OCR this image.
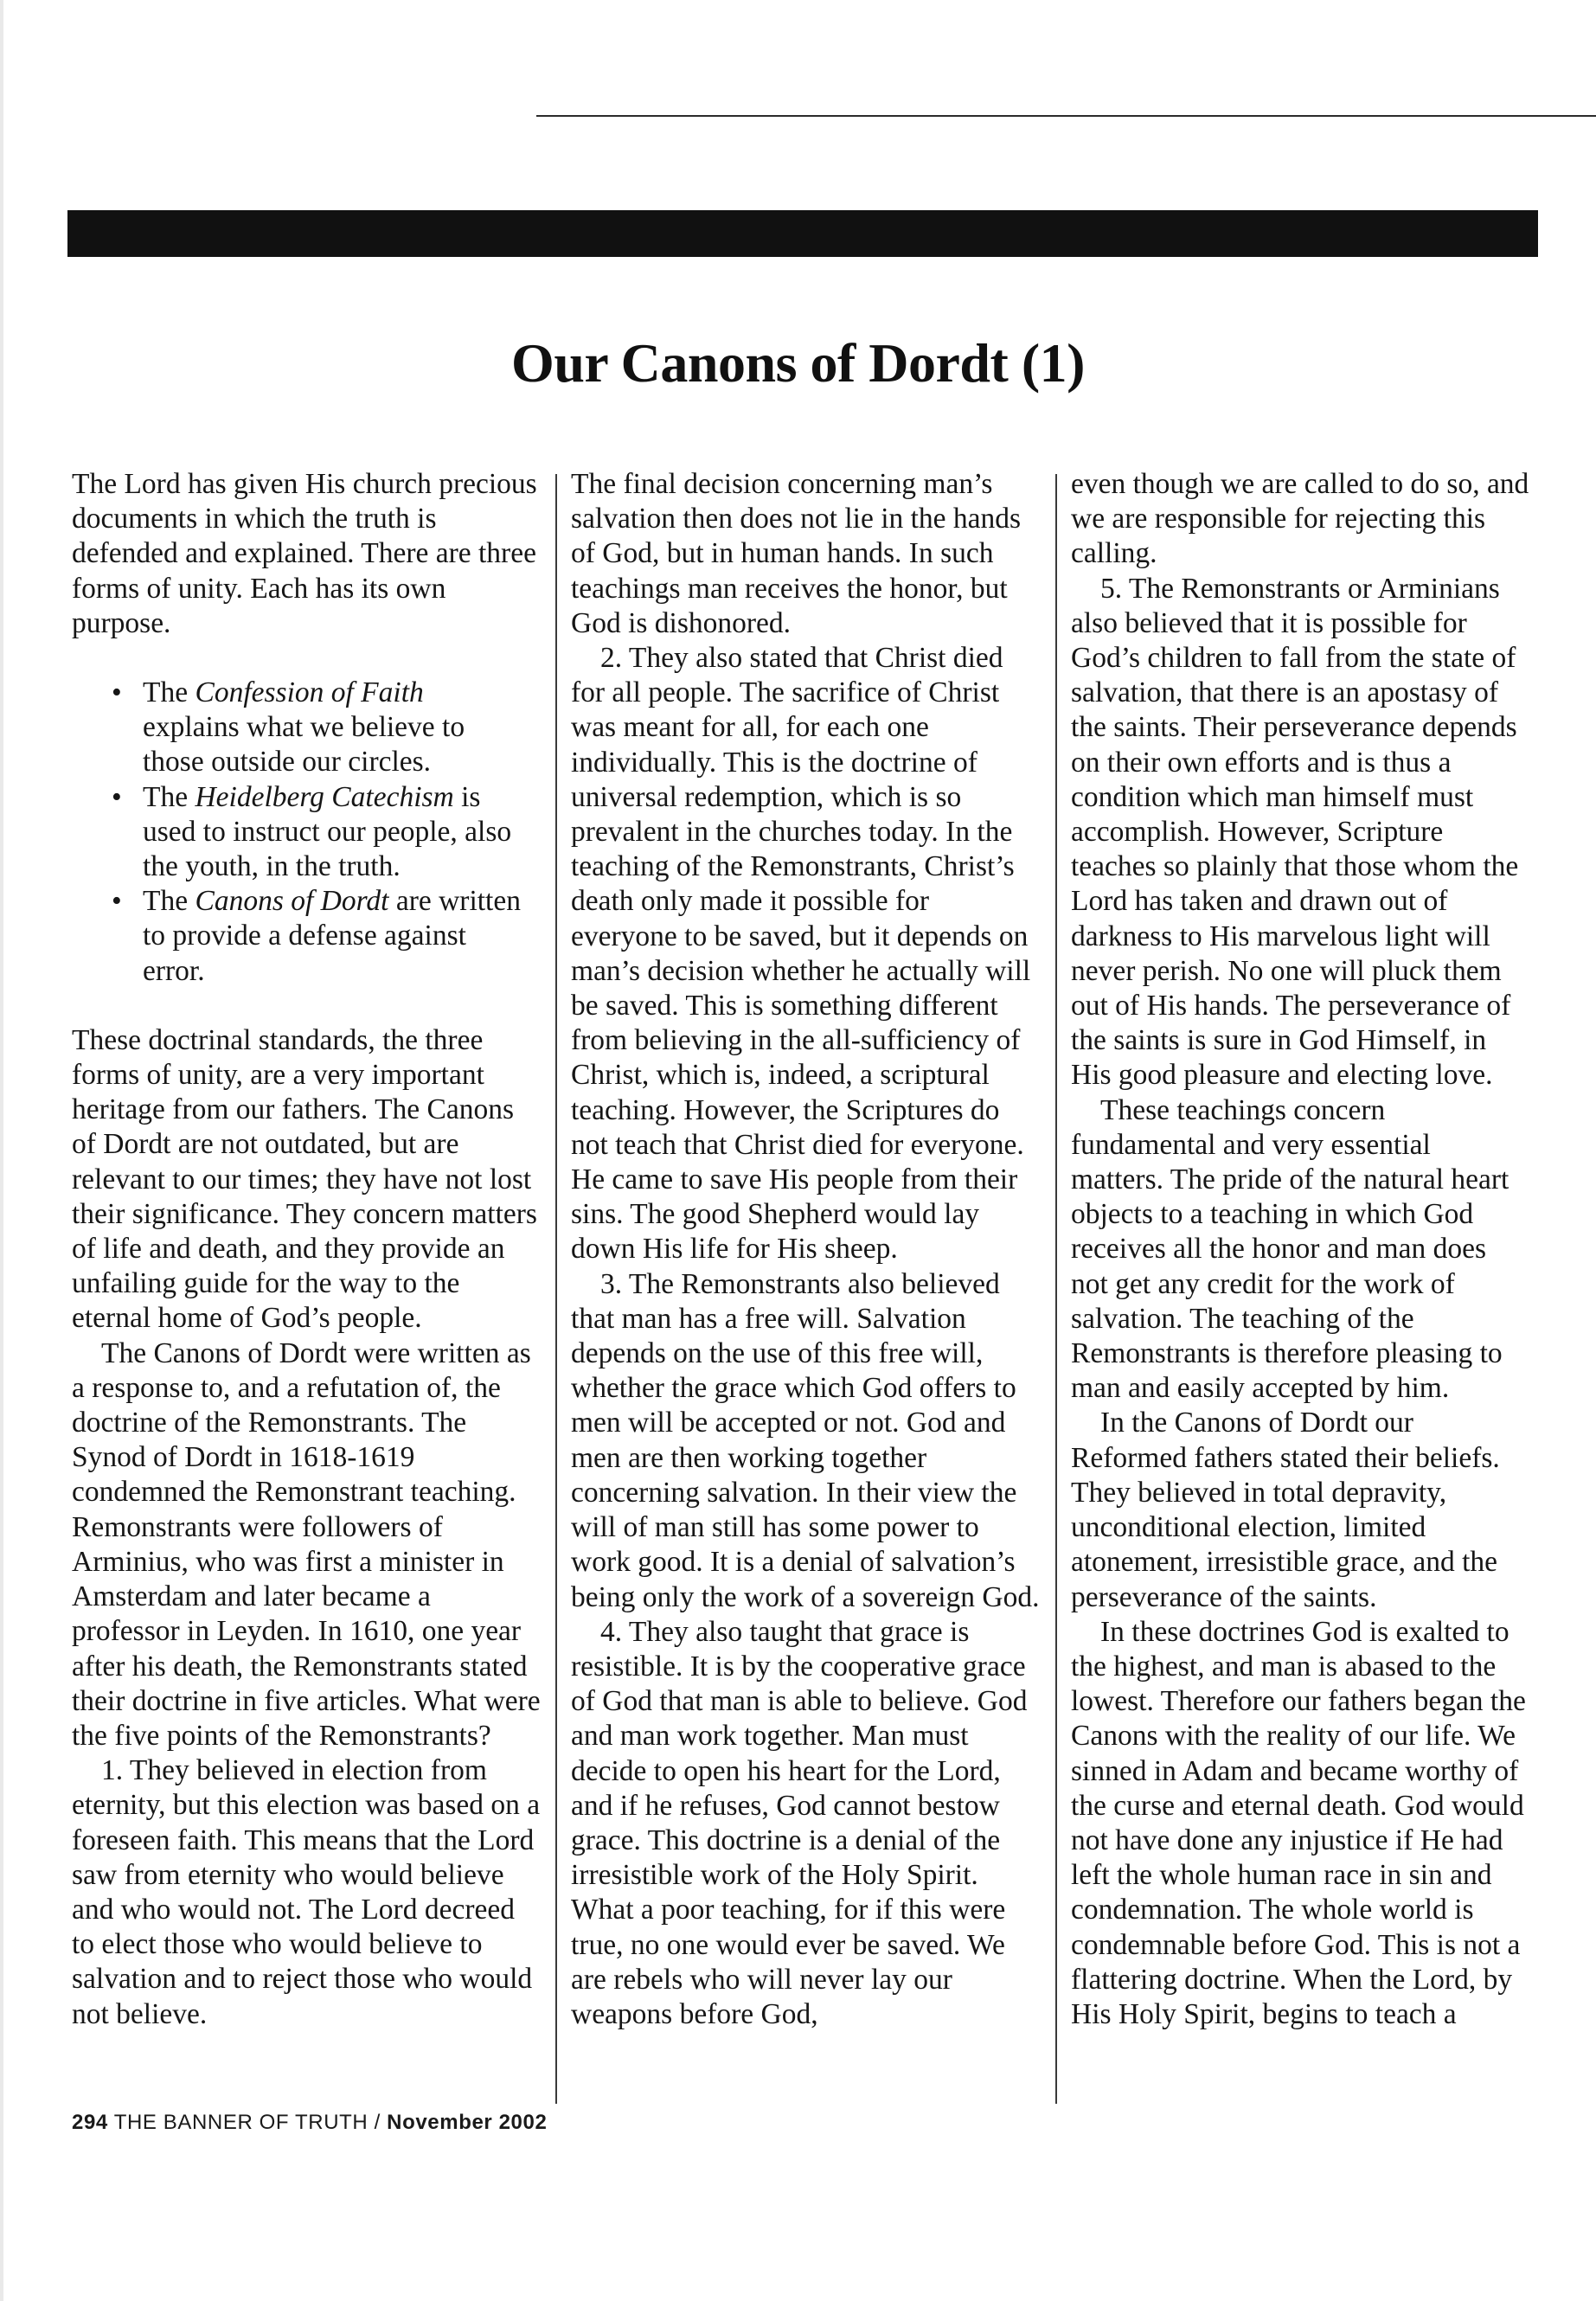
Our Canons of Dordt (1)

The Lord has given His church precious documents in which the truth is defended and explained. There are three forms of unity. Each has its own purpose.

• The Confession of Faith explains what we believe to those outside our circles.
• The Heidelberg Catechism is used to instruct our people, also the youth, in the truth.
• The Canons of Dordt are written to provide a defense against error.

These doctrinal standards, the three forms of unity, are a very important heritage from our fathers. The Canons of Dordt are not outdated, but are relevant to our times; they have not lost their significance. They concern matters of life and death, and they provide an unfailing guide for the way to the eternal home of God’s people.

The Canons of Dordt were written as a response to, and a refutation of, the doctrine of the Remonstrants. The Synod of Dordt in 1618-1619 condemned the Remonstrant teaching. Remonstrants were followers of Arminius, who was first a minister in Amsterdam and later became a professor in Leyden. In 1610, one year after his death, the Remonstrants stated their doctrine in five articles. What were the five points of the Remonstrants?

1. They believed in election from eternity, but this election was based on a foreseen faith. This means that the Lord saw from eternity who would believe and who would not. The Lord decreed to elect those who would believe to salvation and to reject those who would not believe.

The final decision concerning man’s salvation then does not lie in the hands of God, but in human hands. In such teachings man receives the honor, but God is dishonored.

2. They also stated that Christ died for all people. The sacrifice of Christ was meant for all, for each one individually. This is the doctrine of universal redemption, which is so prevalent in the churches today. In the teaching of the Remonstrants, Christ’s death only made it possible for everyone to be saved, but it depends on man’s decision whether he actually will be saved. This is something different from believing in the all-sufficiency of Christ, which is, indeed, a scriptural teaching. However, the Scriptures do not teach that Christ died for everyone. He came to save His people from their sins. The good Shepherd would lay down His life for His sheep.

3. The Remonstrants also believed that man has a free will. Salvation depends on the use of this free will, whether the grace which God offers to men will be accepted or not. God and men are then working together concerning salvation. In their view the will of man still has some power to work good. It is a denial of salvation’s being only the work of a sovereign God.

4. They also taught that grace is resistible. It is by the cooperative grace of God that man is able to believe. God and man work together. Man must decide to open his heart for the Lord, and if he refuses, God cannot bestow grace. This doctrine is a denial of the irresistible work of the Holy Spirit. What a poor teaching, for if this were true, no one would ever be saved. We are rebels who will never lay our weapons before God,

even though we are called to do so, and we are responsible for rejecting this calling.

5. The Remonstrants or Arminians also believed that it is possible for God’s children to fall from the state of salvation, that there is an apostasy of the saints. Their perseverance depends on their own efforts and is thus a condition which man himself must accomplish. However, Scripture teaches so plainly that those whom the Lord has taken and drawn out of darkness to His marvelous light will never perish. No one will pluck them out of His hands. The perseverance of the saints is sure in God Himself, in His good pleasure and electing love.

These teachings concern fundamental and very essential matters. The pride of the natural heart objects to a teaching in which God receives all the honor and man does not get any credit for the work of salvation. The teaching of the Remonstrants is therefore pleasing to man and easily accepted by him.

In the Canons of Dordt our Reformed fathers stated their beliefs. They believed in total depravity, unconditional election, limited atonement, irresistible grace, and the perseverance of the saints.

In these doctrines God is exalted to the highest, and man is abased to the lowest. Therefore our fathers began the Canons with the reality of our life. We sinned in Adam and became worthy of the curse and eternal death. God would not have done any injustice if He had left the whole human race in sin and condemnation. The whole world is condemnable before God. This is not a flattering doctrine. When the Lord, by His Holy Spirit, begins to teach a

294 THE BANNER OF TRUTH / November 2002
